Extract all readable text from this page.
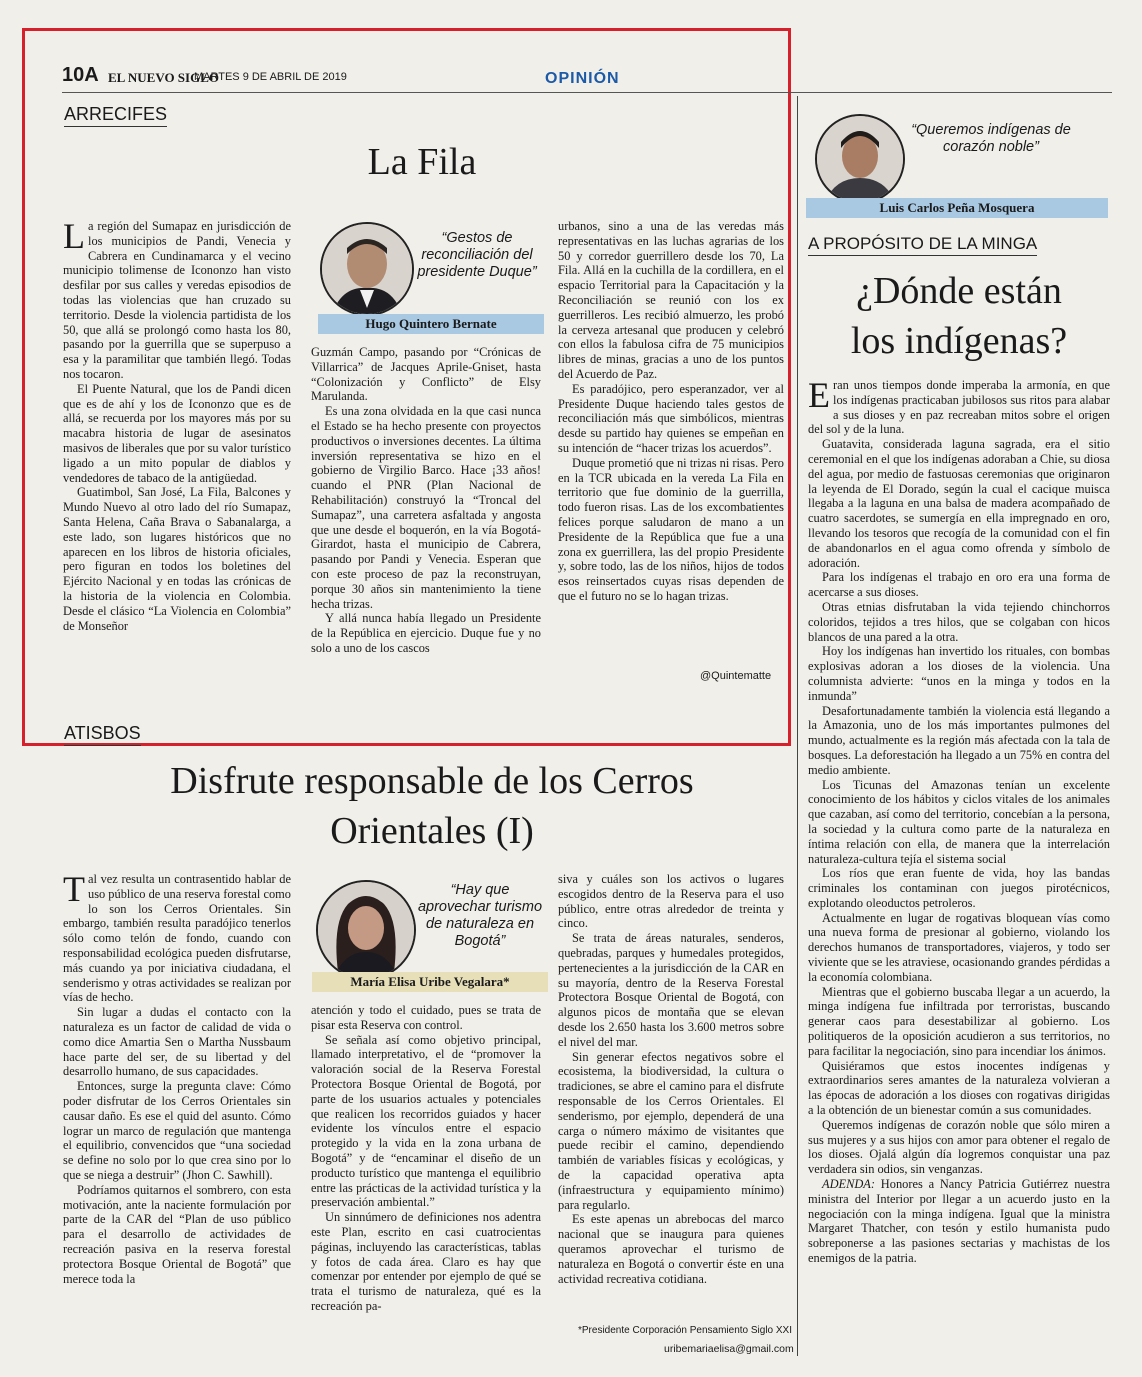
10A EL NUEVO SIGLO
MARTES 9 DE ABRIL DE 2019	OPINIÓN
ARRECIFES
La Fila

La región del Sumapaz en jurisdicción de los municipios de Pandi, Venecia y Cabrera en Cundinamarca y el vecino municipio tolimense de Icononzo han visto desfilar por sus calles y veredas episodios de todas las violencias que han cruzado su territorio. Desde la violencia partidista de los 50, que allá se prolongó como hasta los 80, pasando por la guerrilla que se superpuso a esa y la paramilitar que también llegó. Todas nos tocaron.

El Puente Natural, que los de Pandi dicen que es de ahí y los de Icononzo que es de allá, se recuerda por los mayores más por su macabra historia de lugar de asesinatos masivos de liberales que por su valor turístico ligado a un mito popular de diablos y vendedores de tabaco de la antigüedad.

Guatimbol, San José, La Fila, Balcones y Mundo Nuevo al otro lado del río Sumapaz, Santa Helena, Caña Brava o Sabanalarga, a este lado, son lugares históricos que no aparecen en los libros de historia oficiales, pero figuran en todos los boletines del Ejército Nacional y en todas las crónicas de la historia de la violencia en Colombia. Desde el clásico “La Violencia en Colombia” de Monseñor

“Gestos de reconciliación del presidente Duque”
Hugo Quintero Bernate

Guzmán Campo, pasando por “Crónicas de Villarrica” de Jacques Aprile-Gniset, hasta “Colonización y Conflicto” de Elsy Marulanda.

Es una zona olvidada en la que casi nunca el Estado se ha hecho presente con proyectos productivos o inversiones decentes. La última inversión representativa se hizo en el gobierno de Virgilio Barco. Hace ¡33 años! cuando el PNR (Plan Nacional de Rehabilitación) construyó la “Troncal del Sumapaz”, una carretera asfaltada y angosta que une desde el boquerón, en la vía Bogotá-Girardot, hasta el municipio de Cabrera, pasando por Pandi y Venecia. Esperan que con este proceso de paz la reconstruyan, porque 30 años sin mantenimiento la tiene hecha trizas.

Y allá nunca había llegado un Presidente de la República en ejercicio. Duque fue y no solo a uno de los cascos

urbanos, sino a una de las veredas más representativas en las luchas agrarias de los 50 y corredor guerrillero desde los 70, La Fila. Allá en la cuchilla de la cordillera, en el espacio Territorial para la Capacitación y la Reconciliación se reunió con los ex guerrilleros. Les recibió almuerzo, les probó la cerveza artesanal que producen y celebró con ellos la fabulosa cifra de 75 municipios libres de minas, gracias a uno de los puntos del Acuerdo de Paz.

Es paradójico, pero esperanzador, ver al Presidente Duque haciendo tales gestos de reconciliación más que simbólicos, mientras desde su partido hay quienes se empeñan en su intención de “hacer trizas los acuerdos”.

Duque prometió que ni trizas ni risas. Pero en la TCR ubicada en la vereda La Fila en territorio que fue dominio de la guerrilla, todo fueron risas. Las de los excombatientes felices porque saludaron de mano a un Presidente de la República que fue a una zona ex guerrillera, las del propio Presidente y, sobre todo, las de los niños, hijos de todos esos reinsertados cuyas risas dependen de que el futuro no se lo hagan trizas.

@Quintematte
ATISBOS
Disfrute responsable de los Cerros
Orientales (I)

Tal vez resulta un contrasentido hablar de uso público de una reserva forestal como lo son los Cerros Orientales. Sin embargo, también resulta paradójico tenerlos sólo como telón de fondo, cuando con responsabilidad ecológica pueden disfrutarse, más cuando ya por iniciativa ciudadana, el senderismo y otras actividades se realizan por vías de hecho.

Sin lugar a dudas el contacto con la naturaleza es un factor de calidad de vida o como dice Amartia Sen o Martha Nussbaum hace parte del ser, de su libertad y del desarrollo humano, de sus capacidades.

Entonces, surge la pregunta clave: Cómo poder disfrutar de los Cerros Orientales sin causar daño. Es ese el quid del asunto. Cómo lograr un marco de regulación que mantenga el equilibrio, convencidos que “una sociedad se define no solo por lo que crea sino por lo que se niega a destruir” (Jhon C. Sawhill).

Podríamos quitarnos el sombrero, con esta motivación, ante la naciente formulación por parte de la CAR del “Plan de uso público para el desarrollo de actividades de recreación pasiva en la reserva forestal protectora Bosque Oriental de Bogotá” que merece toda la

“Hay que aprovechar turismo de naturaleza en Bogotá”
María Elisa Uribe Vegalara*

atención y todo el cuidado, pues se trata de pisar esta Reserva con control.

Se señala así como objetivo principal, llamado interpretativo, el de “promover la valoración social de la Reserva Forestal Protectora Bosque Oriental de Bogotá, por parte de los usuarios actuales y potenciales que realicen los recorridos guiados y hacer evidente los vínculos entre el espacio protegido y la vida en la zona urbana de Bogotá” y de “encaminar el diseño de un producto turístico que mantenga el equilibrio entre las prácticas de la actividad turística y la preservación ambiental.”

Un sinnúmero de definiciones nos adentra este Plan, escrito en casi cuatrocientas páginas, incluyendo las características, tablas y fotos de cada área. Claro es hay que comenzar por entender por ejemplo de qué se trata el turismo de naturaleza, qué es la recreación pa-

siva y cuáles son los activos o lugares escogidos dentro de la Reserva para el uso público, entre otras alrededor de treinta y cinco.

Se trata de áreas naturales, senderos, quebradas, parques y humedales protegidos, pertenecientes a la jurisdicción de la CAR en su mayoría, dentro de la Reserva Forestal Protectora Bosque Oriental de Bogotá, con algunos picos de montaña que se elevan desde los 2.650 hasta los 3.600 metros sobre el nivel del mar.

Sin generar efectos negativos sobre el ecosistema, la biodiversidad, la cultura o tradiciones, se abre el camino para el disfrute responsable de los Cerros Orientales. El senderismo, por ejemplo, dependerá de una carga o número máximo de visitantes que puede recibir el camino, dependiendo también de variables físicas y ecológicas, y de la capacidad operativa apta (infraestructura y equipamiento mínimo) para regularlo.

Es este apenas un abrebocas del marco nacional que se inaugura para quienes queramos aprovechar el turismo de naturaleza en Bogotá o convertir éste en una actividad recreativa cotidiana.

*Presidente Corporación Pensamiento Siglo XXI
uribemariaelisa@gmail.com
“Queremos indígenas de corazón noble”
Luis Carlos Peña Mosquera
A PROPÓSITO DE LA MINGA
¿Dónde están
los indígenas?

Eran unos tiempos donde imperaba la armonía, en que los indígenas practicaban jubilosos sus ritos para alabar a sus dioses y en paz recreaban mitos sobre el origen del sol y de la luna.

Guatavita, considerada laguna sagrada, era el sitio ceremonial en el que los indígenas adoraban a Chie, su diosa del agua, por medio de fastuosas ceremonias que originaron la leyenda de El Dorado, según la cual el cacique muisca llegaba a la laguna en una balsa de madera acompañado de cuatro sacerdotes, se sumergía en ella impregnado en oro, llevando los tesoros que recogía de la comunidad con el fin de abandonarlos en el agua como ofrenda y símbolo de adoración.

Para los indígenas el trabajo en oro era una forma de acercarse a sus dioses.

Otras etnias disfrutaban la vida tejiendo chinchorros coloridos, tejidos a tres hilos, que se colgaban con hicos blancos de una pared a la otra.

Hoy los indígenas han invertido los rituales, con bombas explosivas adoran a los dioses de la violencia. Una columnista advierte: “unos en la minga y todos en la inmunda”

Desafortunadamente también la violencia está llegando a la Amazonia, uno de los más importantes pulmones del mundo, actualmente es la región más afectada con la tala de bosques. La deforestación ha llegado a un 75% en contra del medio ambiente.

Los Ticunas del Amazonas tenían un excelente conocimiento de los hábitos y ciclos vitales de los animales que cazaban, así como del territorio, concebían a la persona, la sociedad y la cultura como parte de la naturaleza en íntima relación con ella, de manera que la interrelación naturaleza-cultura tejía el sistema social

Los ríos que eran fuente de vida, hoy las bandas criminales los contaminan con juegos pirotécnicos, explotando oleoductos petroleros.

Actualmente en lugar de rogativas bloquean vías como una nueva forma de presionar al gobierno, violando los derechos humanos de transportadores, viajeros, y todo ser viviente que se les atraviese, ocasionando grandes pérdidas a la economía colombiana.

Mientras que el gobierno buscaba llegar a un acuerdo, la minga indígena fue infiltrada por terroristas, buscando generar caos para desestabilizar al gobierno. Los politiqueros de la oposición acudieron a sus territorios, no para facilitar la negociación, sino para incendiar los ánimos.

Quisiéramos que estos inocentes indígenas y extraordinarios seres amantes de la naturaleza volvieran a las épocas de adoración a los dioses con rogativas dirigidas a la obtención de un bienestar común a sus comunidades.

Queremos indígenas de corazón noble que sólo miren a sus mujeres y a sus hijos con amor para obtener el regalo de los dioses. Ojalá algún día logremos conquistar una paz verdadera sin odios, sin venganzas.

ADENDA: Honores a Nancy Patricia Gutiérrez nuestra ministra del Interior por llegar a un acuerdo justo en la negociación con la minga indígena. Igual que la ministra Margaret Thatcher, con tesón y estilo humanista pudo sobreponerse a las pasiones sectarias y machistas de los enemigos de la patria.
